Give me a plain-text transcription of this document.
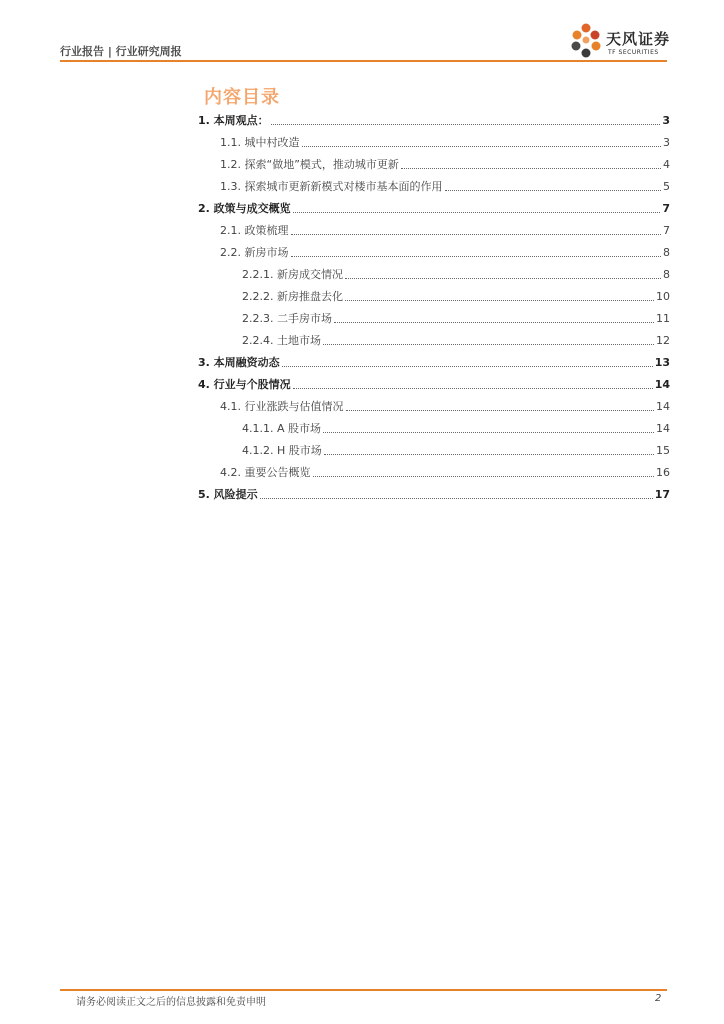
行业报告 | 行业研究周报
天风证券
TF SECURITIES
内容目录
1. 本周观点：	3
1.1. 城中村改造	3
1.2. 探索“做地”模式，推动城市更新	4
1.3. 探索城市更新新模式对楼市基本面的作用	5
2. 政策与成交概览	7
2.1. 政策梳理	7
2.2. 新房市场	8
2.2.1. 新房成交情况	8
2.2.2. 新房推盘去化	10
2.2.3. 二手房市场	11
2.2.4. 土地市场	12
3. 本周融资动态	13
4. 行业与个股情况	14
4.1. 行业涨跌与估值情况	14
4.1.1. A 股市场	14
4.1.2. H 股市场	15
4.2. 重要公告概览	16
5. 风险提示	17
请务必阅读正文之后的信息披露和免责申明	2
